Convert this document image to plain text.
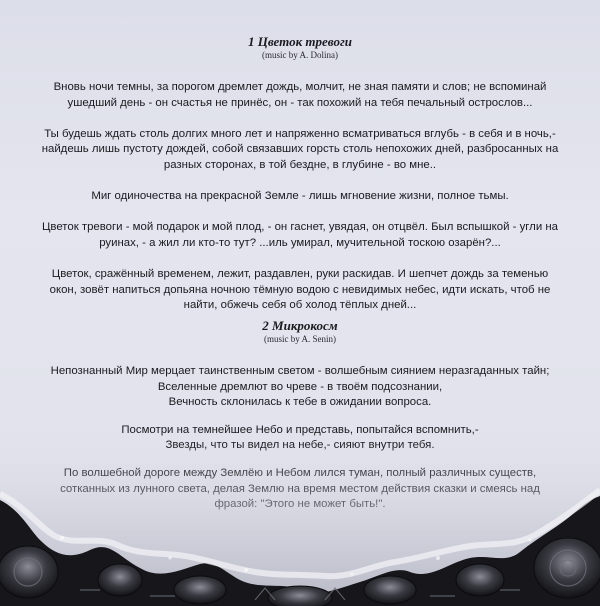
1 Цветок тревоги

(music by A. Dolina)

Вновь ночи темны, за порогом дремлет дождь, молчит, не зная памяти и слов; не вспоминай
ушедший день - он счастья не принёс, он - так похожий на тебя печальный острослов...

Ты будешь ждать столь долгих много лет и напряженно всматриваться вглубь - в себя и в ночь,-
найдешь лишь пустоту дождей, собой связавших горсть столь непохожих дней, разбросанных на
разных сторонах, в той бездне, в глубине - во мне..

Миг одиночества на прекрасной Земле - лишь мгновение жизни, полное тьмы.

Цветок тревоги - мой подарок и мой плод, - он гаснет, увядая, он отцвёл. Был вспышкой - угли на
руинах, - а жил ли кто-то тут? ...иль умирал, мучительной тоскою озарён?...

Цветок, сражённый временем, лежит, раздавлен, руки раскидав. И шепчет дождь за теменью
окон, зовёт напиться допьяна ночною тёмную водою с невидимых небес, идти искать, чтоб не
найти, обжечь себя об холод тёплых дней...

2 Микрокосм

(music by A. Senin)

Непознанный Мир мерцает таинственным светом - волшебным сиянием неразгаданных тайн;
Вселенные дремлют во чреве - в твоём подсознании,
Вечность склонилась к тебе в ожидании вопроса.

Посмотри на темнейшее Небо и представь, попытайся вспомнить,-
